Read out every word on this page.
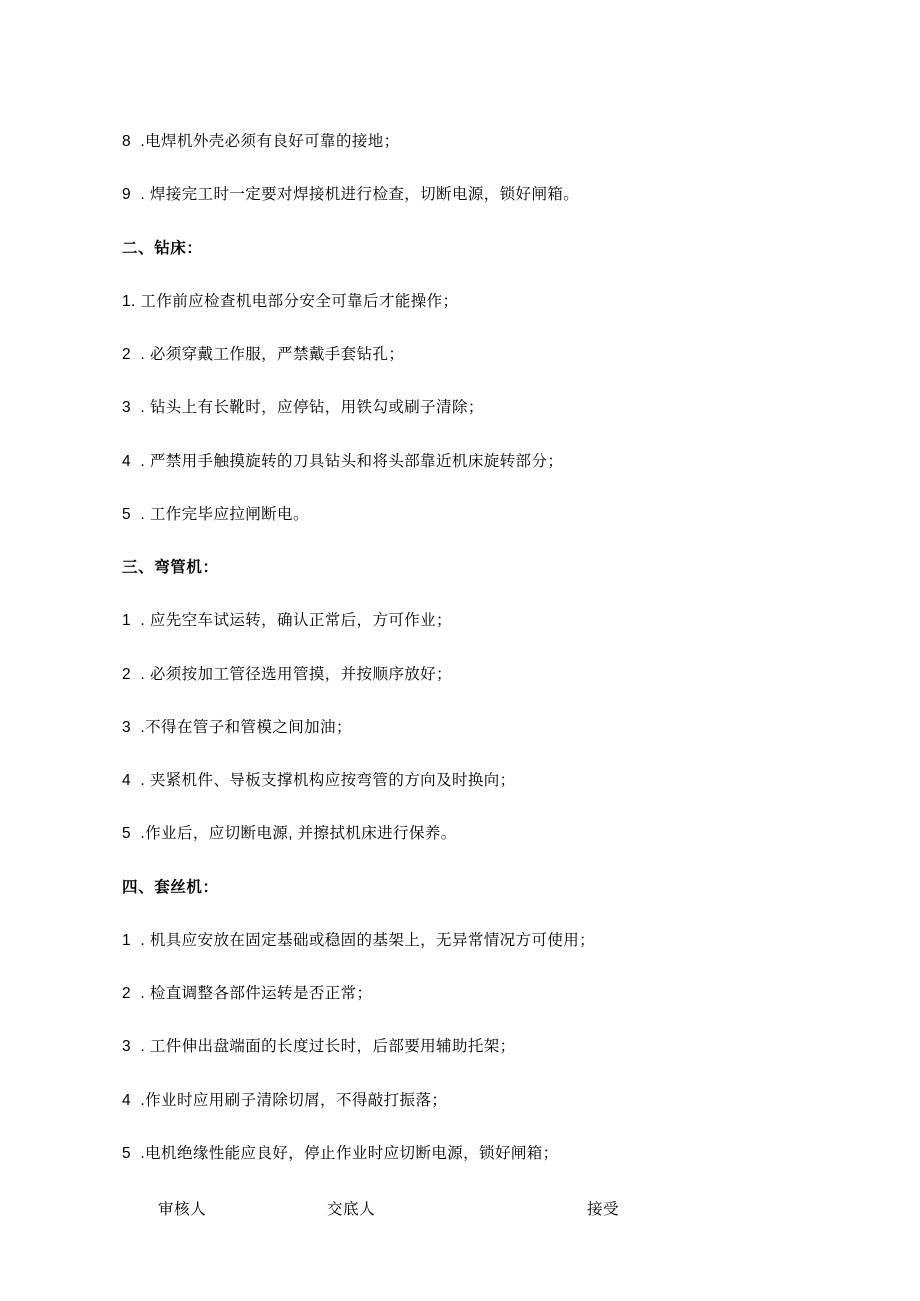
8  .电焊机外壳必须有良好可靠的接地；

9  . 焊接完工时一定要对焊接机进行检查，切断电源，锁好闸箱。

二、钻床：

1. 工作前应检查机电部分安全可靠后才能操作；

2  . 必须穿戴工作服，严禁戴手套钻孔；

3  . 钻头上有长靴时，应停钻，用铁勾或刷子清除；

4  . 严禁用手触摸旋转的刀具钻头和将头部靠近机床旋转部分；

5  . 工作完毕应拉闸断电。

三、弯管机：

1  . 应先空车试运转，确认正常后，方可作业；

2  . 必须按加工管径选用管摸，并按顺序放好；

3  .不得在管子和管模之间加油；

4  . 夹紧机件、导板支撑机构应按弯管的方向及时换向；

5  .作业后，应切断电源, 并擦拭机床进行保养。

四、套丝机：

1  . 机具应安放在固定基础或稳固的基架上，无异常情况方可使用；

2  . 检直调整各部件运转是否正常；

3  . 工件伸出盘端面的长度过长时，后部要用辅助托架；

4  .作业时应用刷子清除切屑，不得敲打振落；

5  .电机绝缘性能应良好，停止作业时应切断电源，锁好闸箱；

审核人	交底人	接受
